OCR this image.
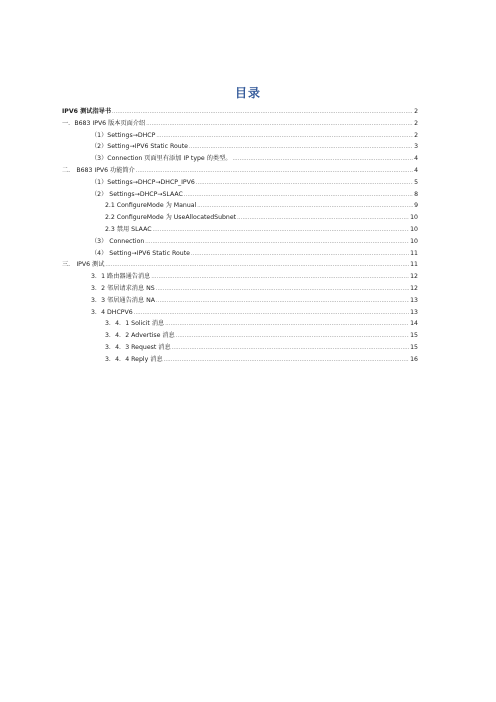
目录
IPV6 测试指导书 .....	2
一．B683 IPV6 版本页面介绍 .....	2
（1）Settings→DHCP .....	2
（2）Setting→IPV6 Static Route .....	3
（3）Connection 页面里有添加 IP type 的类型。 .....	4
二． B683 IPV6 功能简介 .....	4
（1）Settings→DHCP→DHCP_IPV6 .....	5
（2） Settings→DHCP→SLAAC .....	8
2.1 ConfigureMode 为 Manual .....	9
2.2 ConfigureMode 为 UseAllocatedSubnet .....	10
2.3 禁用 SLAAC .....	10
（3） Connection .....	10
（4） Setting→IPV6 Static Route .....	11
三． IPV6 测试 .....	11
3．1 路由器通告消息 .....	12
3．2 邻居请求消息 NS .....	12
3．3 邻居通告消息 NA .....	13
3．4 DHCPV6 .....	13
3．4．1 Solicit 消息 .....	14
3．4．2 Advertise 消息 .....	15
3．4．3 Request 消息 .....	15
3．4．4 Reply 消息 .....	16
